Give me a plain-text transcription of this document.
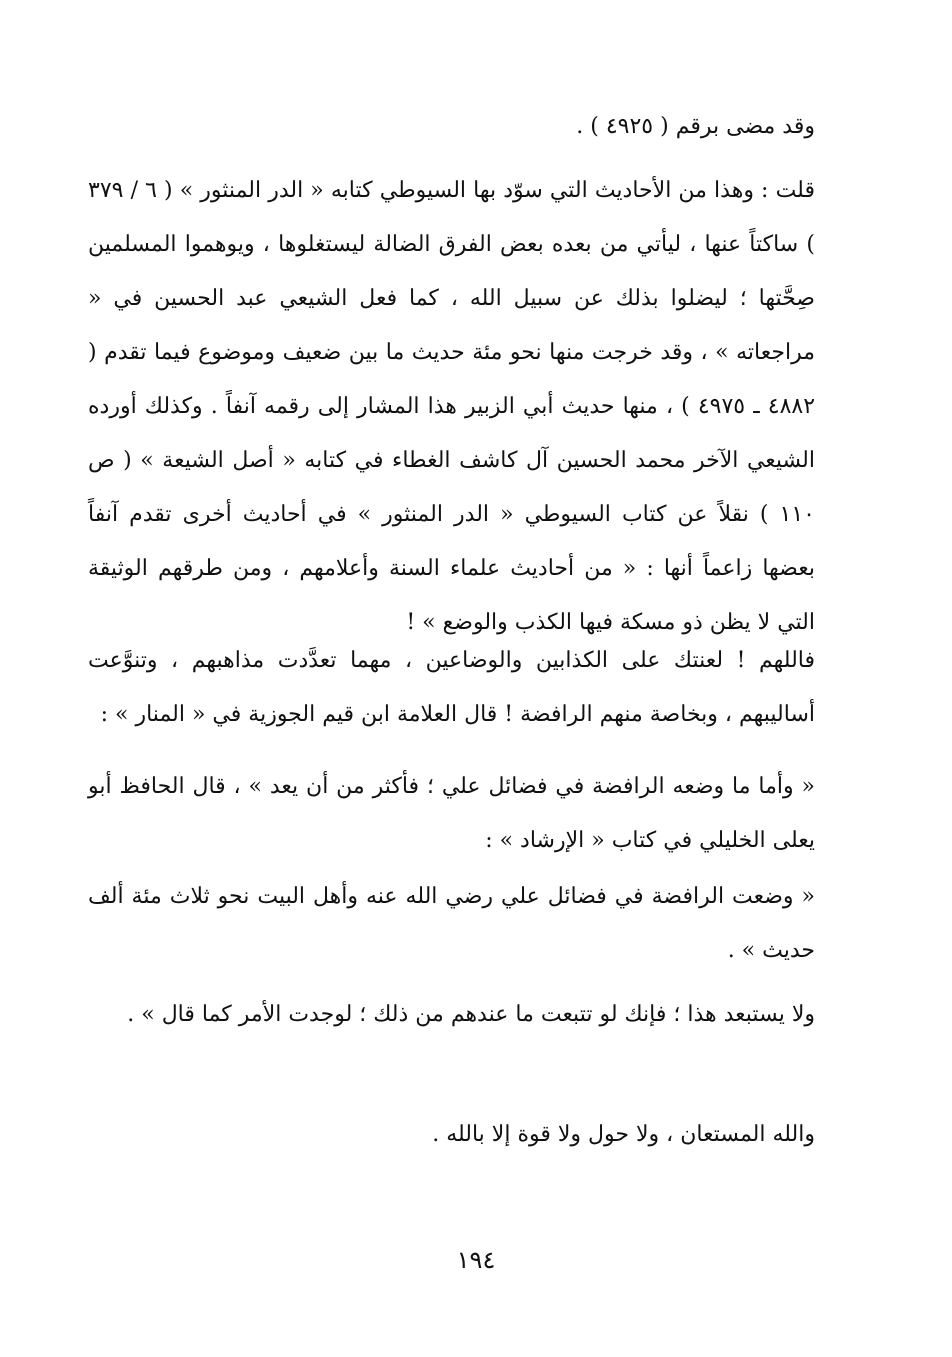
وقد مضى برقم ( ٤٩٢٥ ) .

قلت : وهذا من الأحاديث التي سوّد بها السيوطي كتابه « الدر المنثور » ( ٦ / ٣٧٩ ) ساكتاً عنها ، ليأتي من بعده بعض الفرق الضالة ليستغلوها ، ويوهموا المسلمين صِحَّتها ؛ ليضلوا بذلك عن سبيل الله ، كما فعل الشيعي عبد الحسين في « مراجعاته » ، وقد خرجت منها نحو مئة حديث ما بين ضعيف وموضوع فيما تقدم ( ٤٨٨٢ ـ ٤٩٧٥ ) ، منها حديث أبي الزبير هذا المشار إلى رقمه آنفاً . وكذلك أورده الشيعي الآخر محمد الحسين آل كاشف الغطاء في كتابه « أصل الشيعة » ( ص ١١٠ ) نقلاً عن كتاب السيوطي « الدر المنثور » في أحاديث أخرى تقدم آنفاً بعضها زاعماً أنها : « من أحاديث علماء السنة وأعلامهم ، ومن طرقهم الوثيقة التي لا يظن ذو مسكة فيها الكذب والوضع » !

فاللهم ! لعنتك على الكذابين والوضاعين ، مهما تعدَّدت مذاهبهم ، وتنوَّعت أساليبهم ، وبخاصة منهم الرافضة ! قال العلامة ابن قيم الجوزية في « المنار » :

« وأما ما وضعه الرافضة في فضائل علي ؛ فأكثر من أن يعد » ، قال الحافظ أبو يعلى الخليلي في كتاب « الإرشاد » :

« وضعت الرافضة في فضائل علي رضي الله عنه وأهل البيت نحو ثلاث مئة ألف حديث » .

ولا يستبعد هذا ؛ فإنك لو تتبعت ما عندهم من ذلك ؛ لوجدت الأمر كما قال » .

والله المستعان ، ولا حول ولا قوة إلا بالله .

١٩٤
